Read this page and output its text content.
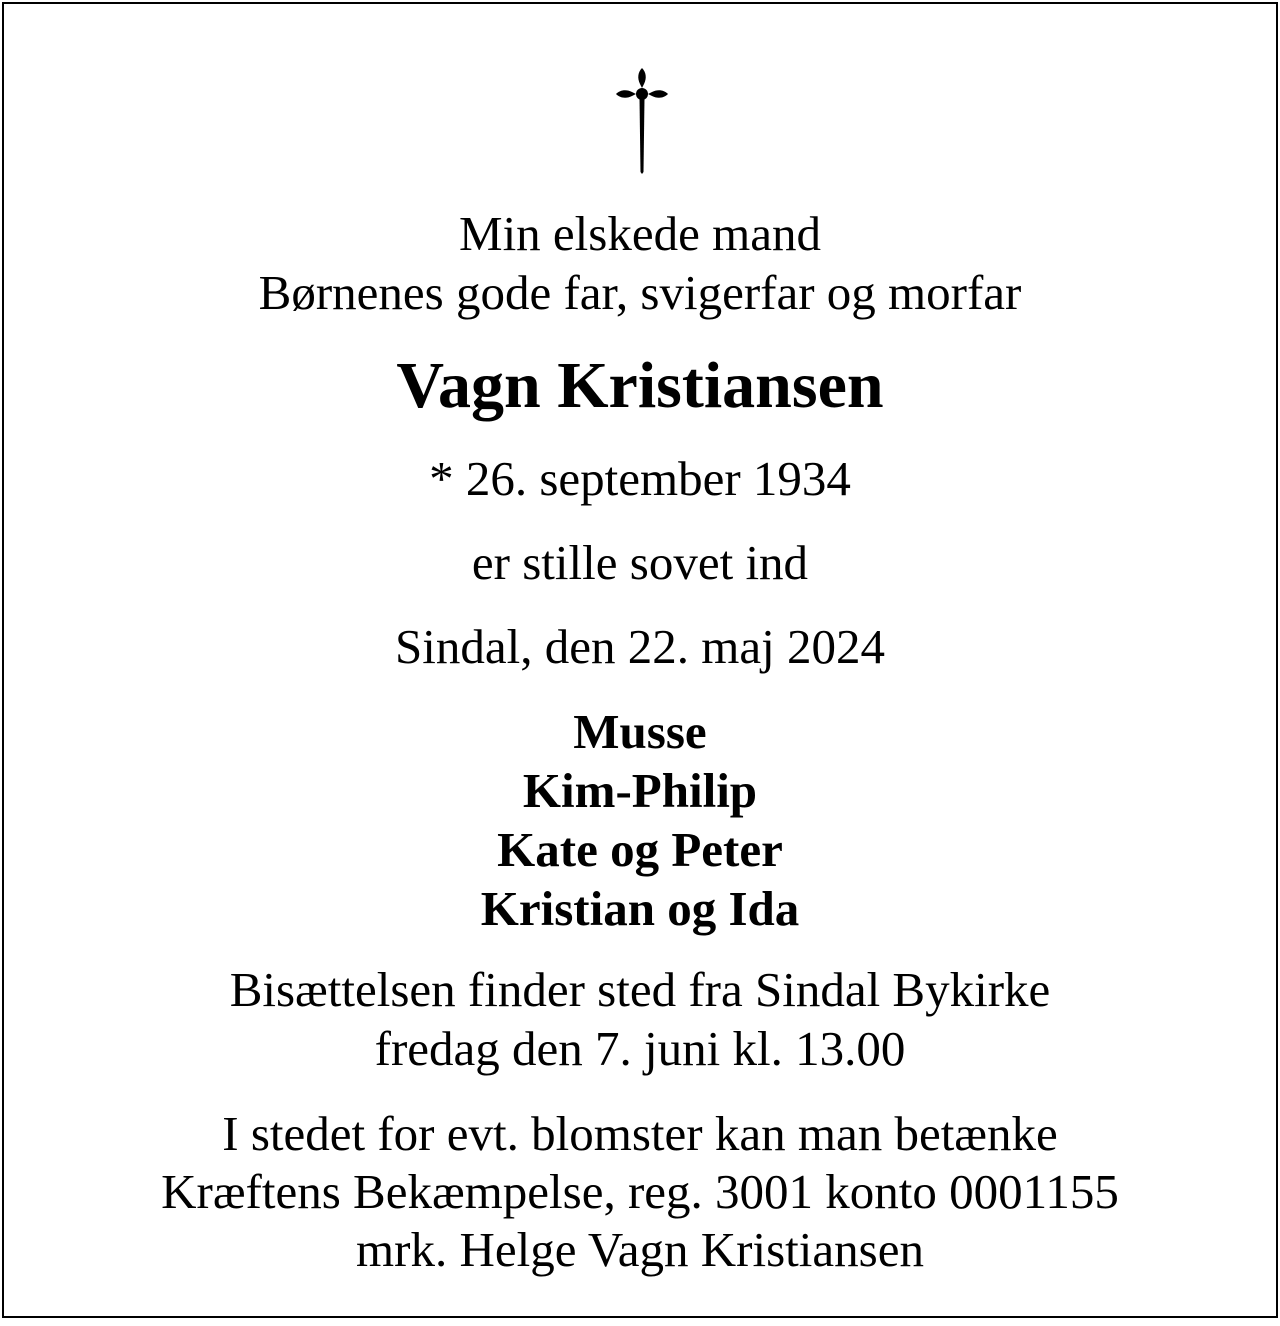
Min elskede mand

Børnenes gode far, svigerfar og morfar

Vagn Kristiansen

* 26. september 1934

er stille sovet ind

Sindal, den 22. maj 2024

Musse

Kim-Philip

Kate og Peter

Kristian og Ida

Bisættelsen finder sted fra Sindal Bykirke

fredag den 7. juni kl. 13.00

I stedet for evt. blomster kan man betænke

Kræftens Bekæmpelse, reg. 3001 konto 0001155

mrk. Helge Vagn Kristiansen
